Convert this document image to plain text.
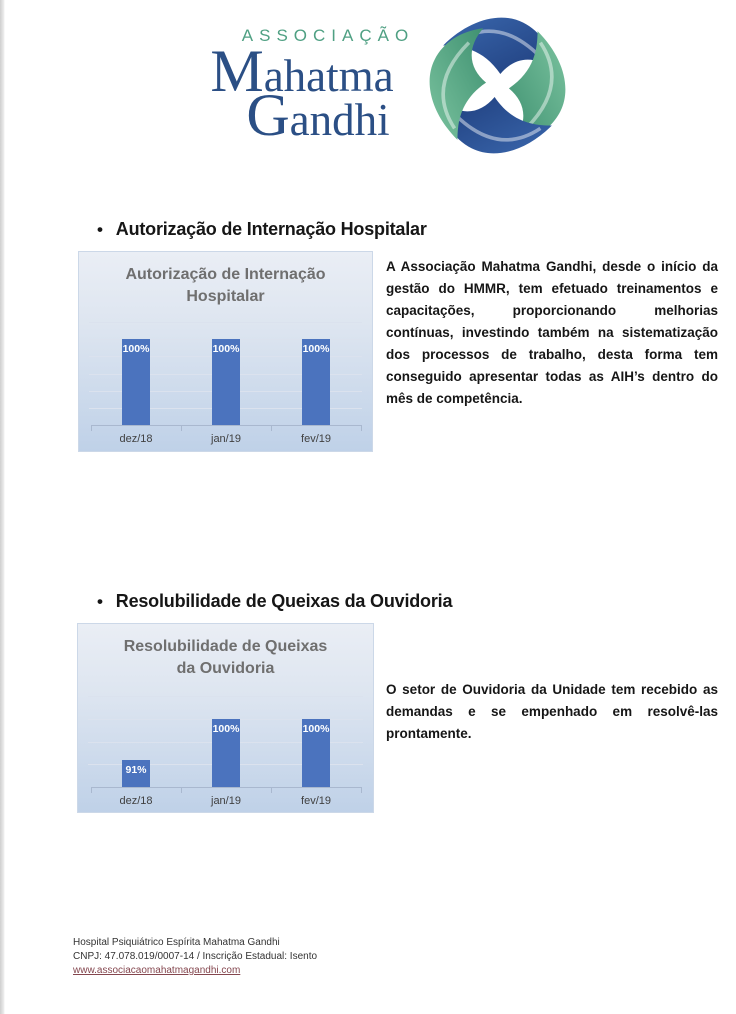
ASSOCIAÇÃO
Mahatma
Gandhi
• Autorização de Internação Hospitalar
100%
dez/18
100%
jan/19
100%
fev/19
Autorização de Internação
Hospitalar
A Associação Mahatma Gandhi, desde o início da gestão do HMMR, tem efetuado treinamentos e capacitações, proporcionando melhorias contínuas, investindo também na sistematização dos processos de trabalho, desta forma tem conseguido apresentar todas as AIH’s dentro do mês de competência.
• Resolubilidade de Queixas da Ouvidoria
91%
dez/18
100%
jan/19
100%
fev/19
Resolubilidade de Queixas
da Ouvidoria
O setor de Ouvidoria da Unidade tem recebido as demandas e se empenhado em resolvê-las prontamente.
Hospital Psiquiátrico Espírita Mahatma Gandhi
CNPJ: 47.078.019/0007-14 / Inscrição Estadual: Isento
www.associacaomahatmagandhi.com
